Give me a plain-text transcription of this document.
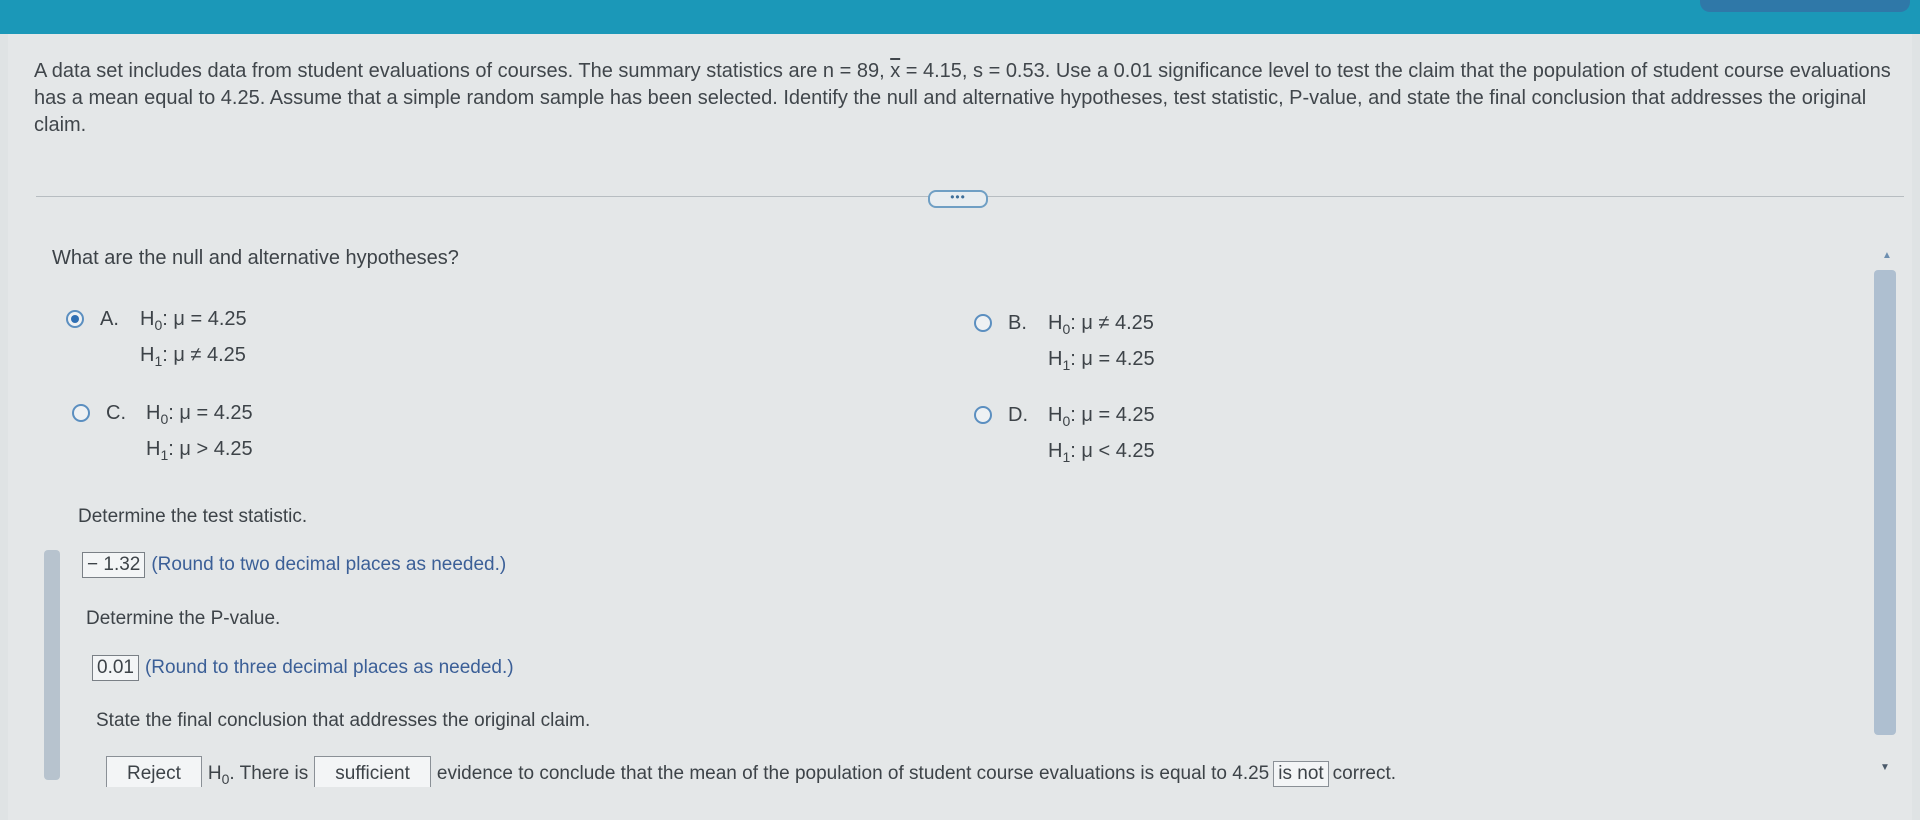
A data set includes data from student evaluations of courses. The summary statistics are n = 89, $\overline{x} = 4.15$, s = 0.53. Use a 0.01 significance level to test the claim that the population of student course evaluations has a mean equal to 4.25. Assume that a simple random sample has been selected. Identify the null and alternative hypotheses, test statistic, P-value, and state the final conclusion that addresses the original claim.
•••
What are the null and alternative hypotheses?
A. $H_0$: μ = 4.25
$H_1$: μ ≠ 4.25
B. $H_0$: μ ≠ 4.25
$H_1$: μ = 4.25
C. $H_0$: μ = 4.25
$H_1$: μ > 4.25
D. $H_0$: μ = 4.25
$H_1$: μ < 4.25
Determine the test statistic.
− 1.32 (Round to two decimal places as needed.)
Determine the P-value.
0.01 (Round to three decimal places as needed.)
State the final conclusion that addresses the original claim.
Reject $H_0$. There is sufficient evidence to conclude that the mean of the population of student course evaluations is equal to 4.25 is not correct.
▲
▼
